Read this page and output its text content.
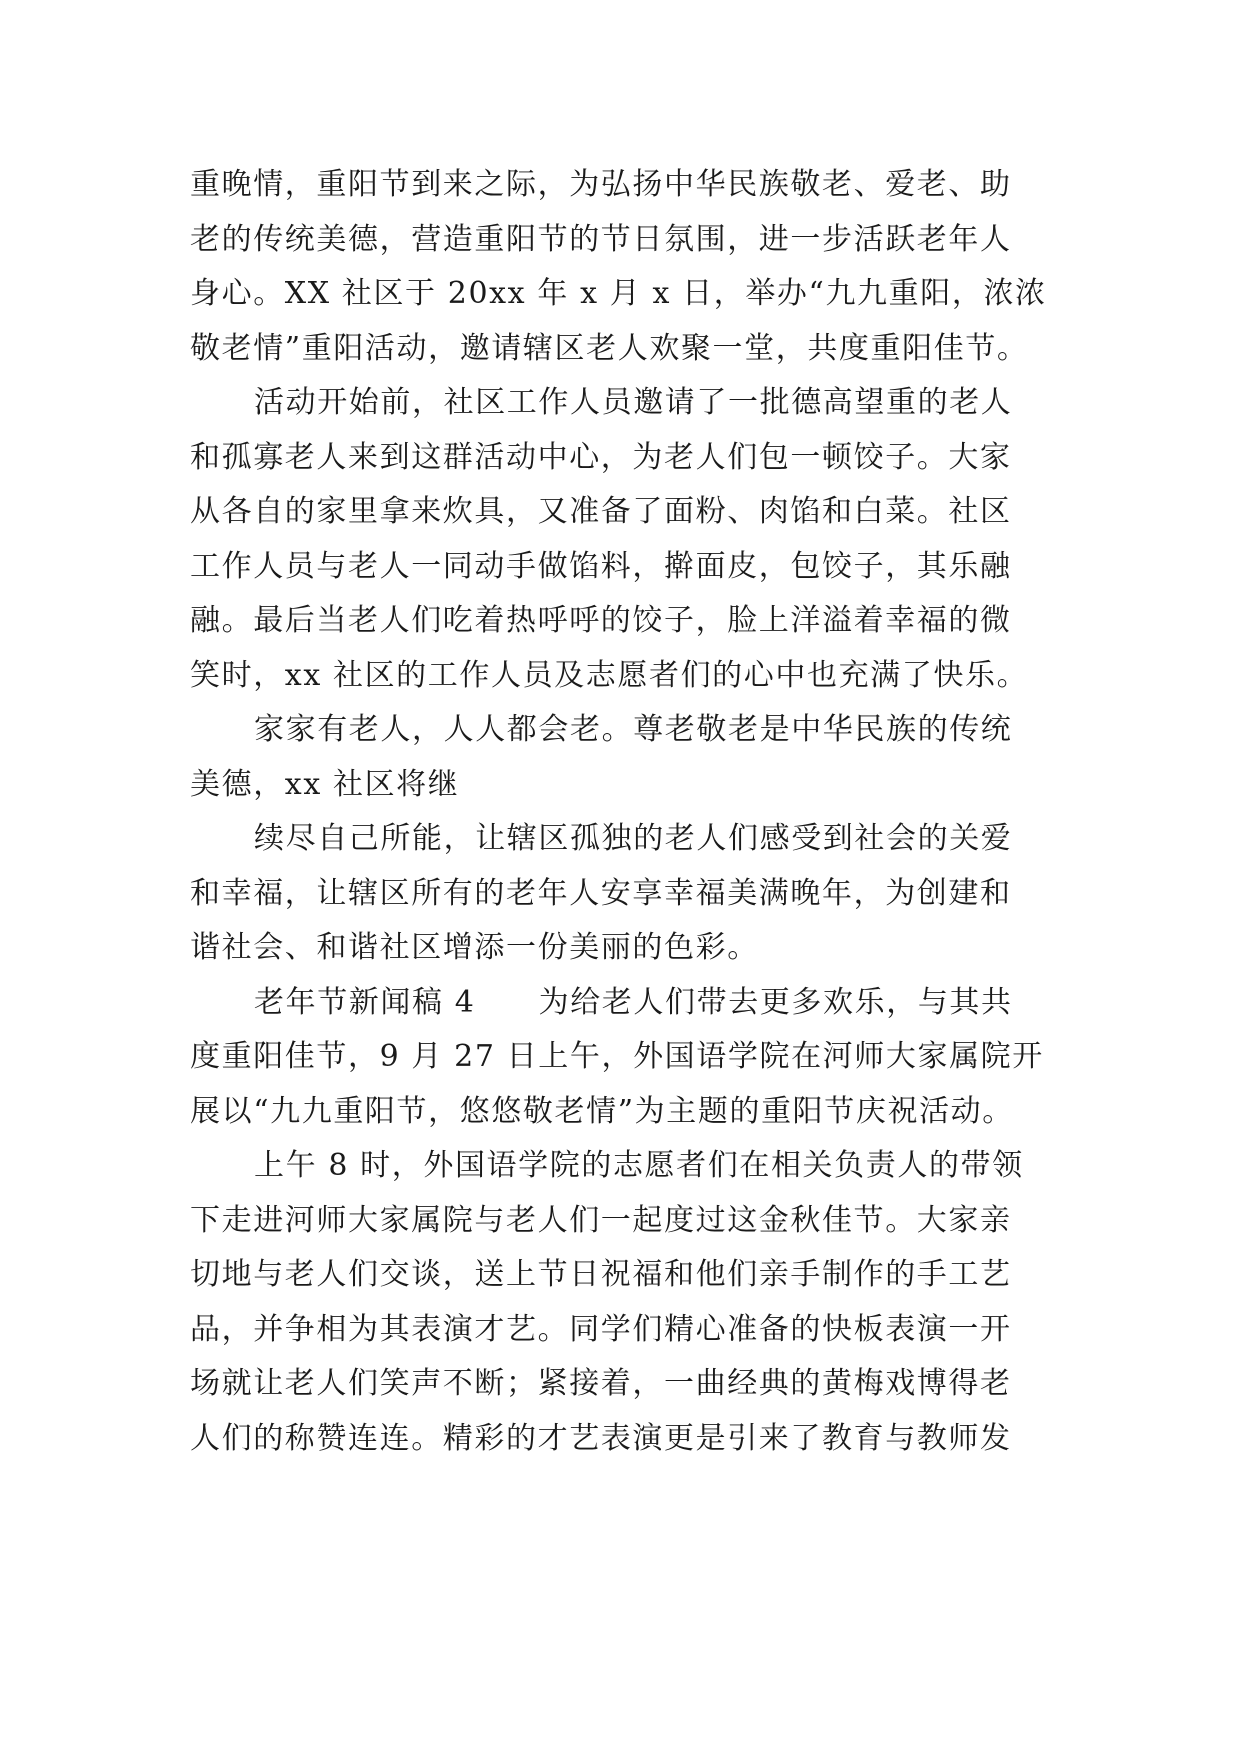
重晚情，重阳节到来之际，为弘扬中华民族敬老、爱老、助
老的传统美德，营造重阳节的节日氛围，进一步活跃老年人
身心。XX 社区于 20xx 年 x 月 x 日，举办“九九重阳，浓浓
敬老情”重阳活动，邀请辖区老人欢聚一堂，共度重阳佳节。
活动开始前，社区工作人员邀请了一批德高望重的老人
和孤寡老人来到这群活动中心，为老人们包一顿饺子。大家
从各自的家里拿来炊具，又准备了面粉、肉馅和白菜。社区
工作人员与老人一同动手做馅料，擀面皮，包饺子，其乐融
融。最后当老人们吃着热呼呼的饺子，脸上洋溢着幸福的微
笑时，xx 社区的工作人员及志愿者们的心中也充满了快乐。
家家有老人，人人都会老。尊老敬老是中华民族的传统
美德，xx 社区将继
续尽自己所能，让辖区孤独的老人们感受到社会的关爱
和幸福，让辖区所有的老年人安享幸福美满晚年，为创建和
谐社会、和谐社区增添一份美丽的色彩。
老年节新闻稿 4　　为给老人们带去更多欢乐，与其共
度重阳佳节，9 月 27 日上午，外国语学院在河师大家属院开
展以“九九重阳节，悠悠敬老情”为主题的重阳节庆祝活动。
上午 8 时，外国语学院的志愿者们在相关负责人的带领
下走进河师大家属院与老人们一起度过这金秋佳节。大家亲
切地与老人们交谈，送上节日祝福和他们亲手制作的手工艺
品，并争相为其表演才艺。同学们精心准备的快板表演一开
场就让老人们笑声不断；紧接着，一曲经典的黄梅戏博得老
人们的称赞连连。精彩的才艺表演更是引来了教育与教师发
